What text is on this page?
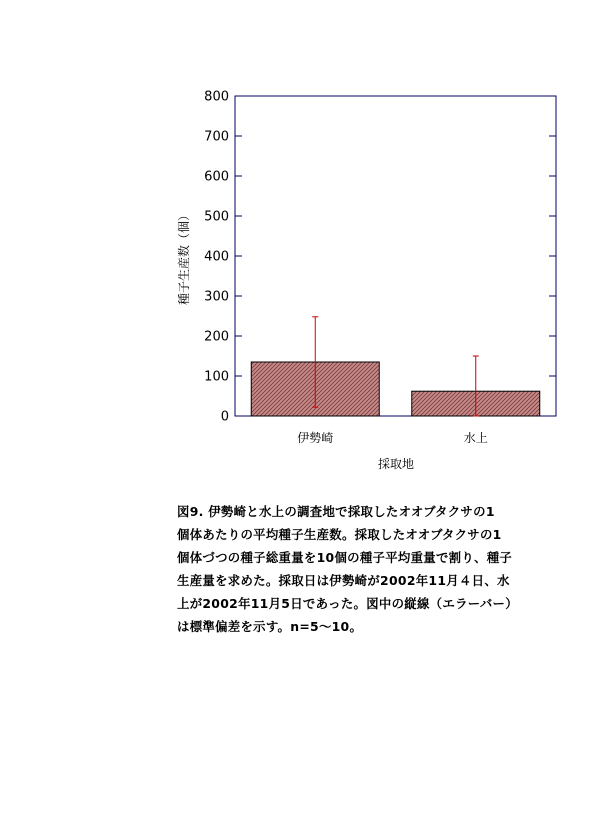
0
100
200
300
400
500
600
700
800
伊勢崎	水上
種子生産数（個）
採取地

図9. 伊勢崎と水上の調査地で採取したオオブタクサの1

個体あたりの平均種子生産数。採取したオオブタクサの1

個体づつの種子総重量を10個の種子平均重量で割り、種子

生産量を求めた。採取日は伊勢崎が2002年11月４日、水

上が2002年11月5日であった。図中の縦線（エラーバー）

は標準偏差を示す。n=5～10。
